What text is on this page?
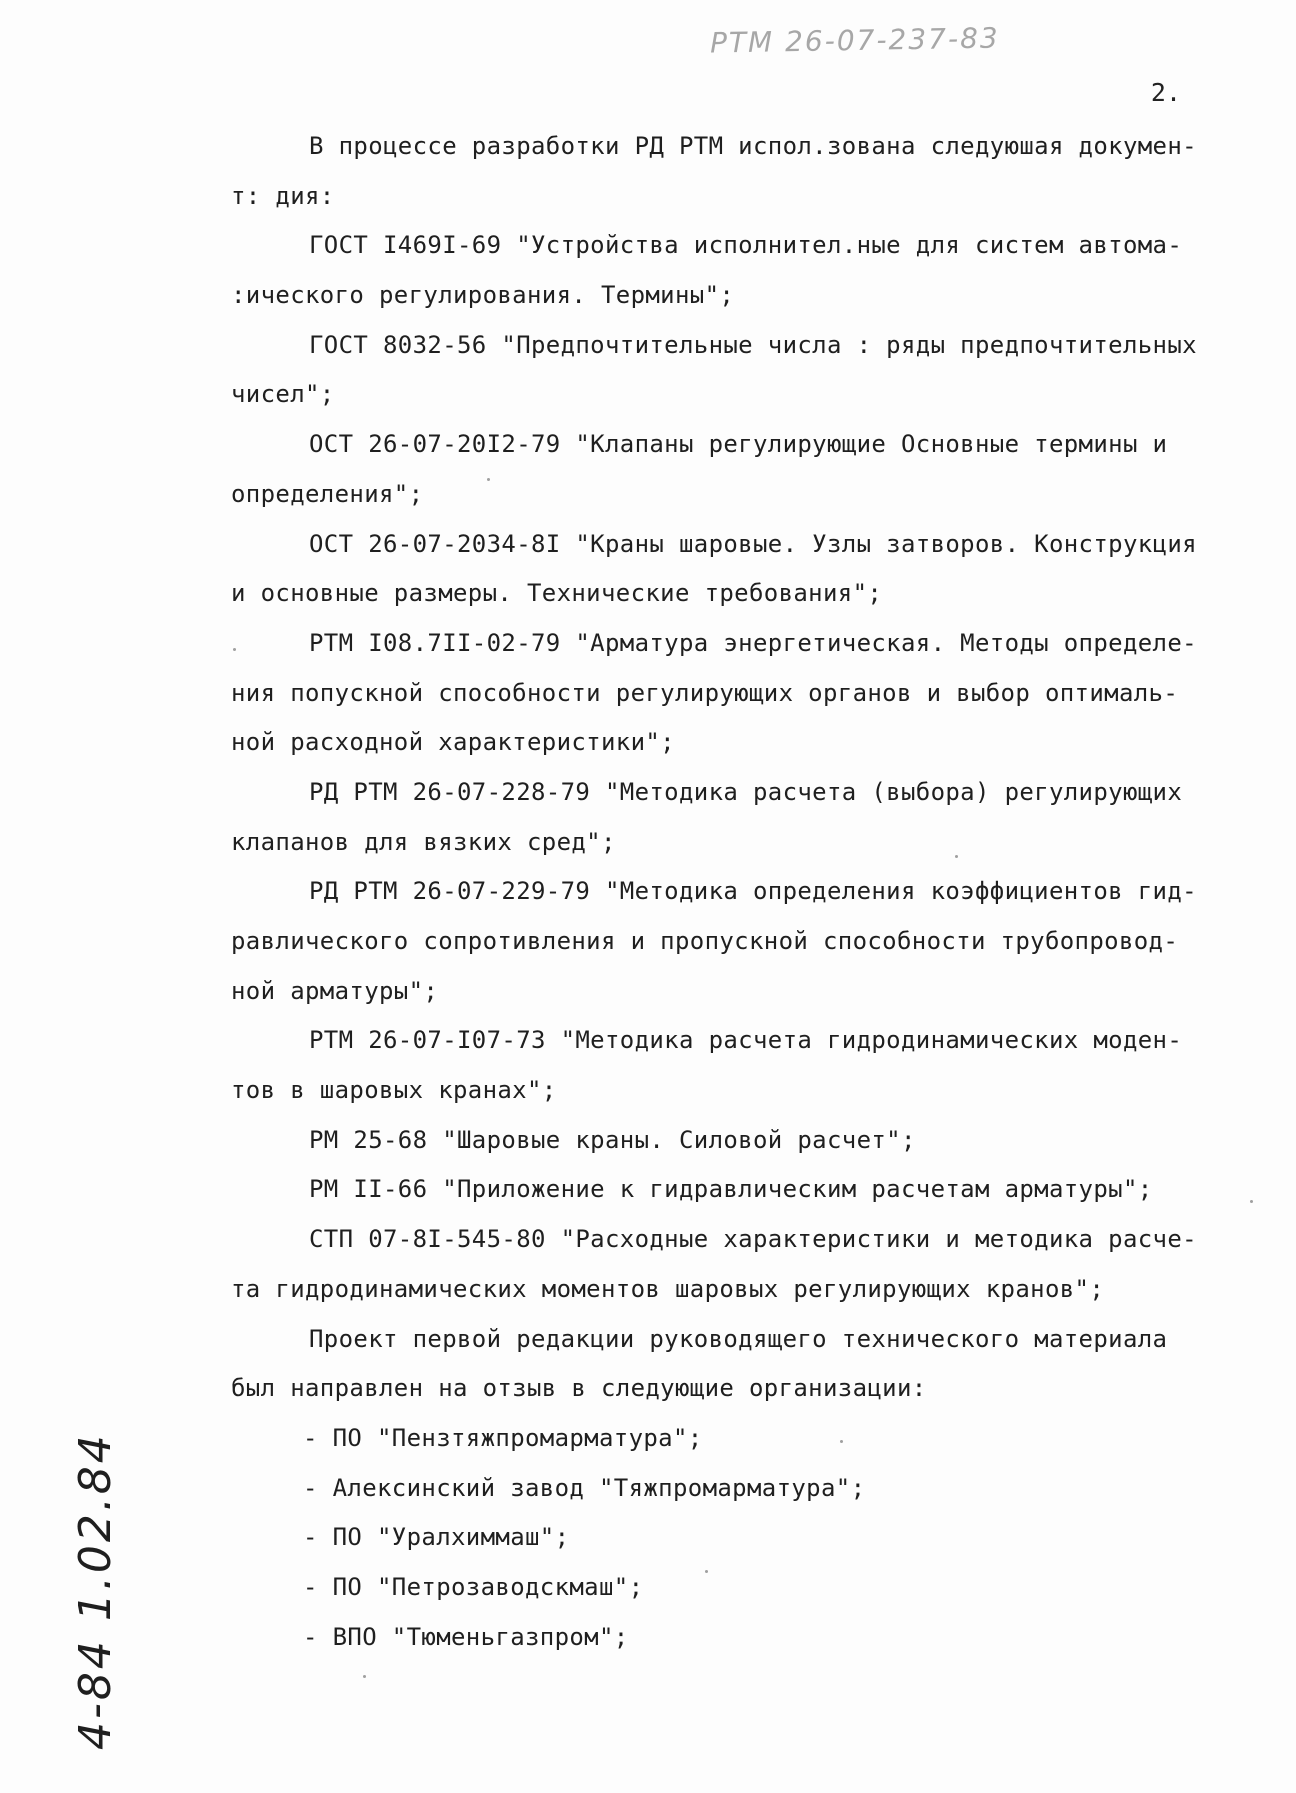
РТМ 26-07-237-83
2.
В процессе разработки РД РТМ испол.зована следуюшая докумен-
т: дия:
ГОСТ I469I-69 "Устройства исполнител.ные для систем автома-
:ического регулирования. Термины";
ГОСТ 8032-56 "Предпочтительные числа : ряды предпочтительных
чисел";
ОСТ 26-07-20I2-79 "Клапаны регулирующие Основные термины и
определения";
ОСТ 26-07-2034-8I "Краны шаровые. Узлы затворов. Конструкция
и основные размеры. Технические требования";
РТМ I08.7II-02-79 "Арматура энергетическая. Методы определе-
ния попускной способности регулирующих органов и выбор оптималь-
ной расходной характеристики";
РД РТМ 26-07-228-79 "Методика расчета (выбора) регулирующих
клапанов для вязких сред";
РД РТМ 26-07-229-79 "Методика определения коэффициентов гид-
равлического сопротивления и пропускной способности трубопровод-
ной арматуры";
РТМ 26-07-I07-73 "Методика расчета гидродинамических моден-
тов в шаровых кранах";
РМ 25-68 "Шаровые краны. Силовой расчет";
РМ II-66 "Приложение к гидравлическим расчетам арматуры";
СТП 07-8I-545-80 "Расходные характеристики и методика расче-
та гидродинамических моментов шаровых регулирующих кранов";
Проект первой редакции руководящего технического материала
был направлен на отзыв в следующие организации:
- ПО "Пензтяжпромарматура";
- Алексинский завод "Тяжпромарматура";
- ПО "Уралхиммаш";
- ПО "Петрозаводскмаш";
- ВПО "Тюменьгазпром";
4-84 1.02.84
